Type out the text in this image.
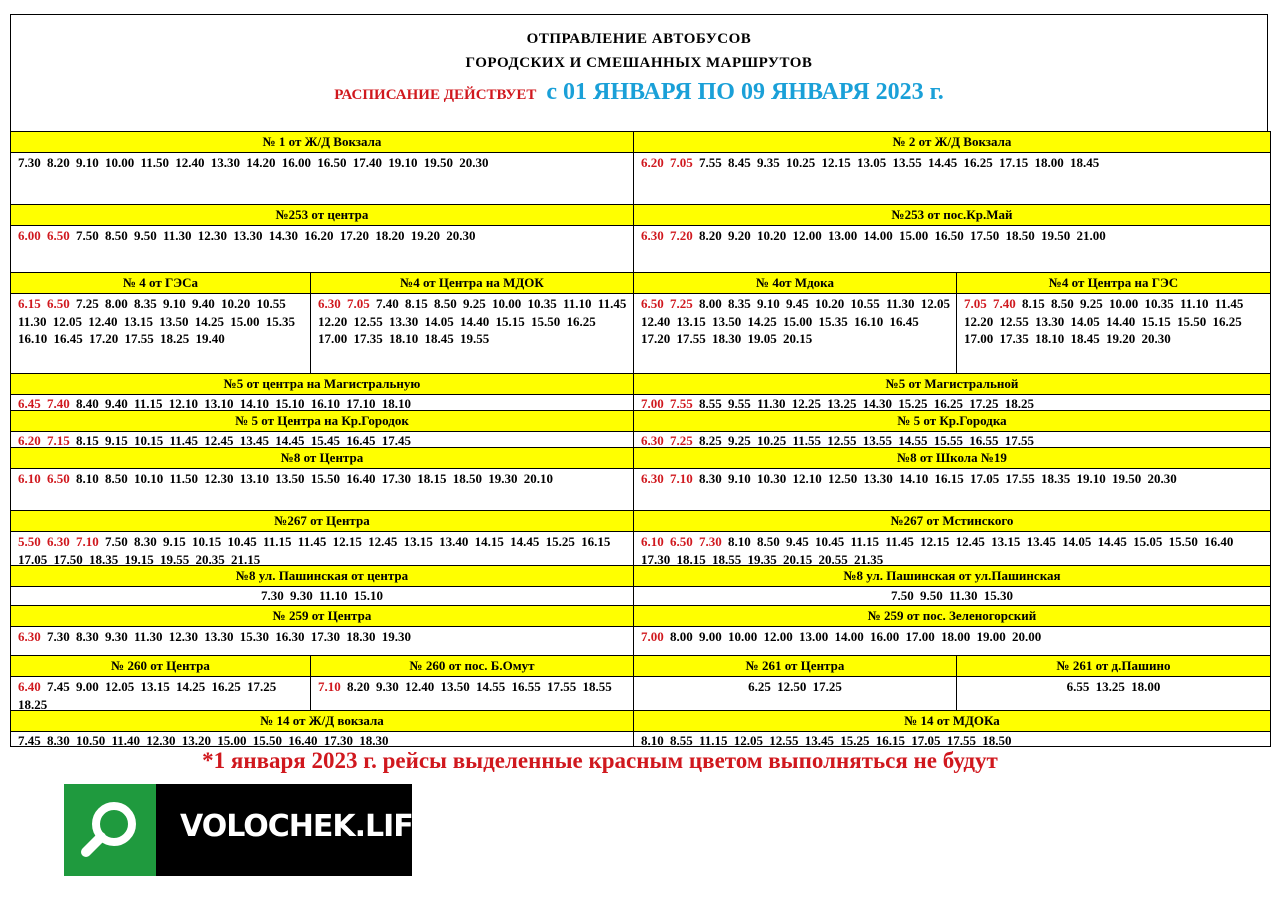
ОТПРАВЛЕНИЕ АВТОБУСОВ
ГОРОДСКИХ И СМЕШАННЫХ МАРШРУТОВ
РАСПИСАНИЕ ДЕЙСТВУЕТ с 01 ЯНВАРЯ ПО 09 ЯНВАРЯ 2023 г.
№ 1 от Ж/Д Вокзала
7.30 8.20 9.10 10.00 11.50 12.40 13.30 14.20 16.00 16.50 17.40 19.10 19.50 20.30
№ 2 от Ж/Д Вокзала
6.20 7.05 7.55 8.45 9.35 10.25 12.15 13.05 13.55 14.45 16.25 17.15 18.00 18.45
№253 от центра
6.00 6.50 7.50 8.50 9.50 11.30 12.30 13.30 14.30 16.20 17.20 18.20 19.20 20.30
№253 от пос.Кр.Май
6.30 7.20 8.20 9.20 10.20 12.00 13.00 14.00 15.00 16.50 17.50 18.50 19.50 21.00
№ 4 от ГЭСа
6.15 6.50 7.25 8.00 8.35 9.10 9.40 10.20 10.55 11.30 12.05 12.40 13.15 13.50 14.25 15.00 15.35 16.10 16.45 17.20 17.55 18.25 19.40
№4 от Центра на МДОК
6.30 7.05 7.40 8.15 8.50 9.25 10.00 10.35 11.10 11.45 12.20 12.55 13.30 14.05 14.40 15.15 15.50 16.25 17.00 17.35 18.10 18.45 19.55
№ 4от Мдока
6.50 7.25 8.00 8.35 9.10 9.45 10.20 10.55 11.30 12.05 12.40 13.15 13.50 14.25 15.00 15.35 16.10 16.45 17.20 17.55 18.30 19.05 20.15
№4 от Центра на ГЭС
7.05 7.40 8.15 8.50 9.25 10.00 10.35 11.10 11.45 12.20 12.55 13.30 14.05 14.40 15.15 15.50 16.25 17.00 17.35 18.10 18.45 19.20 20.30
№5 от центра на Магистральную
6.45 7.40 8.40 9.40 11.15 12.10 13.10 14.10 15.10 16.10 17.10 18.10
№5 от Магистральной
7.00 7.55 8.55 9.55 11.30 12.25 13.25 14.30 15.25 16.25 17.25 18.25
№ 5 от Центра на Кр.Городок
6.20 7.15 8.15 9.15 10.15 11.45 12.45 13.45 14.45 15.45 16.45 17.45
№ 5 от Кр.Городка
6.30 7.25 8.25 9.25 10.25 11.55 12.55 13.55 14.55 15.55 16.55 17.55
№8 от Центра
6.10 6.50 8.10 8.50 10.10 11.50 12.30 13.10 13.50 15.50 16.40 17.30 18.15 18.50 19.30 20.10
№8 от Школа №19
6.30 7.10 8.30 9.10 10.30 12.10 12.50 13.30 14.10 16.15 17.05 17.55 18.35 19.10 19.50 20.30
№267 от Центра
5.50 6.30 7.10 7.50 8.30 9.15 10.15 10.45 11.15 11.45 12.15 12.45 13.15 13.40 14.15 14.45 15.25 16.15 17.05 17.50 18.35 19.15 19.55 20.35 21.15
№267 от Мстинского
6.10 6.50 7.30 8.10 8.50 9.45 10.45 11.15 11.45 12.15 12.45 13.15 13.45 14.05 14.45 15.05 15.50 16.40 17.30 18.15 18.55 19.35 20.15 20.55 21.35
№8 ул. Пашинская от центра
7.30 9.30 11.10 15.10
№8 ул. Пашинская от ул.Пашинская
7.50 9.50 11.30 15.30
№ 259 от Центра
6.30 7.30 8.30 9.30 11.30 12.30 13.30 15.30 16.30 17.30 18.30 19.30
№ 259 от пос. Зеленогорский
7.00 8.00 9.00 10.00 12.00 13.00 14.00 16.00 17.00 18.00 19.00 20.00
№ 260 от Центра
6.40 7.45 9.00 12.05 13.15 14.25 16.25 17.25 18.25
№ 260 от пос. Б.Омут
7.10 8.20 9.30 12.40 13.50 14.55 16.55 17.55 18.55
№ 261 от Центра
6.25 12.50 17.25
№ 261 от д.Пашино
6.55 13.25 18.00
№ 14 от Ж/Д вокзала
7.45 8.30 10.50 11.40 12.30 13.20 15.00 15.50 16.40 17.30 18.30
№ 14 от МДОКа
8.10 8.55 11.15 12.05 12.55 13.45 15.25 16.15 17.05 17.55 18.50
*1 января 2023 г. рейсы выделенные красным цветом выполняться не будут
VOLOCHEK.LIFE
